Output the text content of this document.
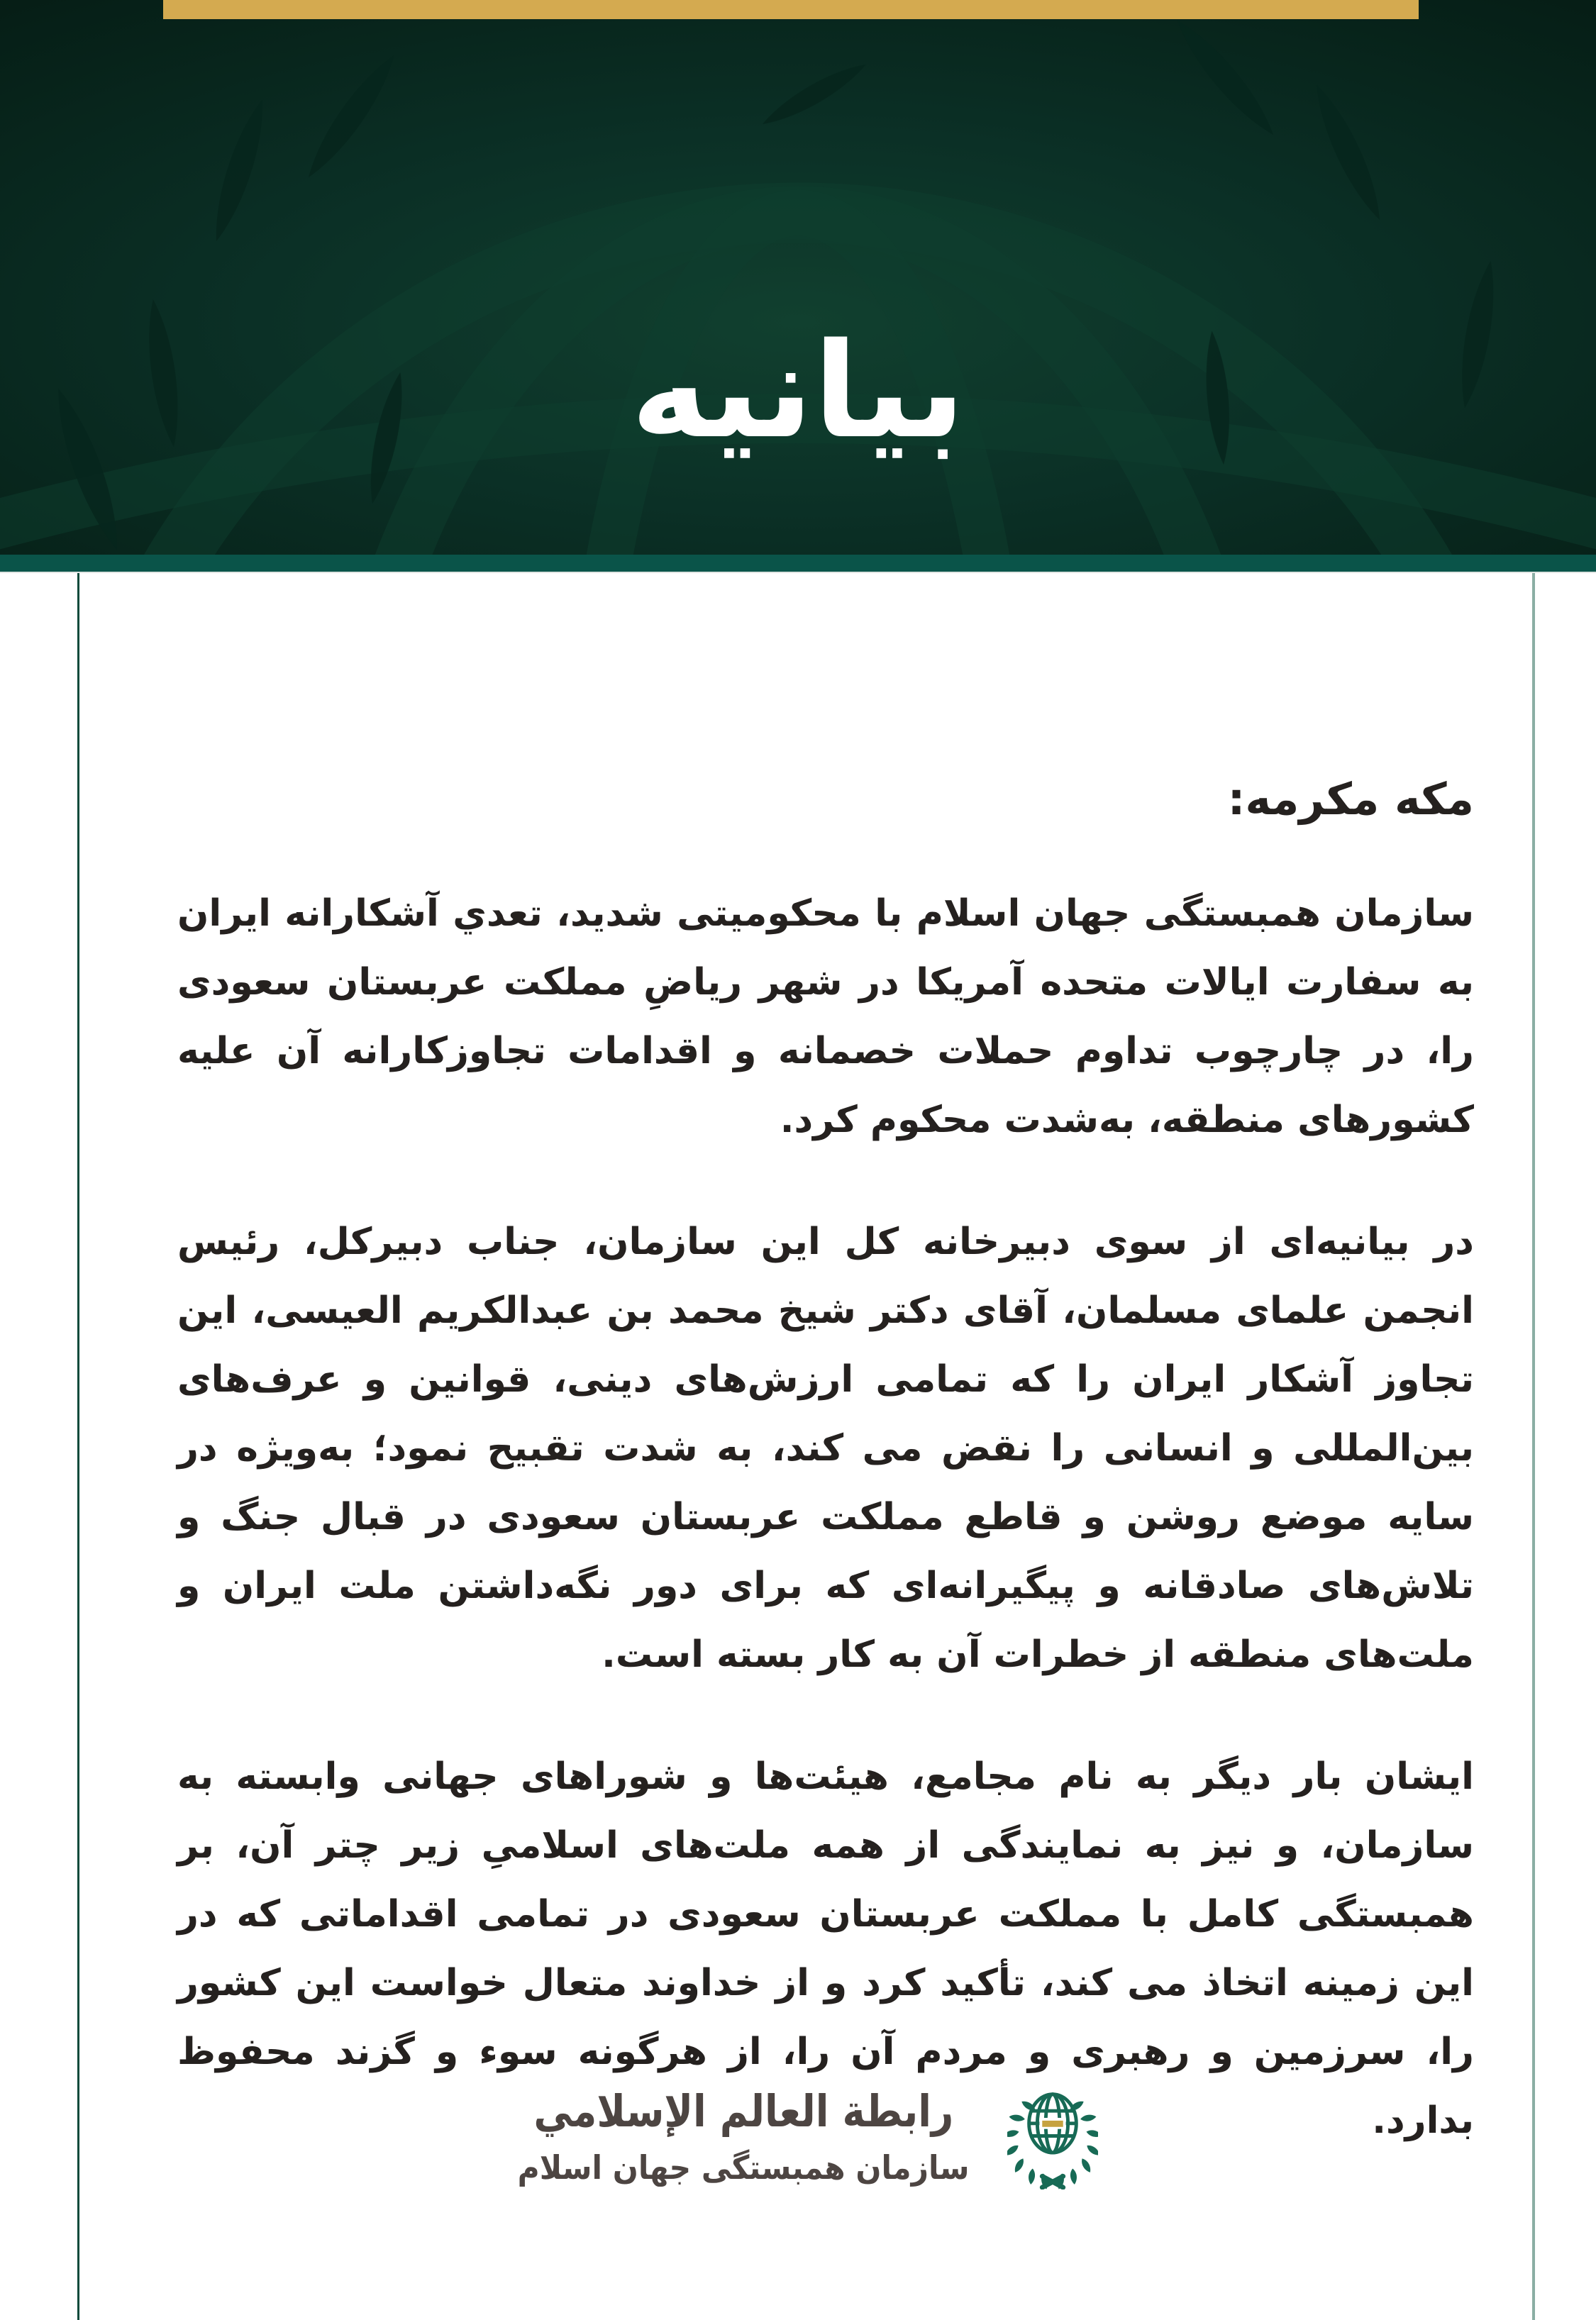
بیانیه
مکه مکرمه:

سازمان همبستگی جهان اسلام با محکومیتی شدید، تعدي آشکارانه ایران به سفارت ایالات متحده آمریکا در شهر ریاضِ مملکت عربستان سعودی را، در چارچوب تداوم حملات خصمانه و اقدامات تجاوزکارانه آن علیه کشورهای منطقه، به‌شدت محکوم کرد.

در بیانیه‌ای از سوی دبیرخانه کل این سازمان، جناب دبیرکل، رئیس انجمن علمای مسلمان، آقای دکتر شیخ محمد بن عبدالکریم العیسی، این تجاوز آشکار ایران را که تمامی ارزش‌های دینی، قوانین و عرف‌های بین‌المللی و انسانی را نقض می کند، به شدت تقبیح نمود؛ به‌ویژه در سایه موضع روشن و قاطع مملکت عربستان سعودی در قبال جنگ و تلاش‌های صادقانه و پیگیرانه‌ای که برای دور نگه‌داشتن ملت ایران و ملت‌های منطقه از خطرات آن به کار بسته است.

ایشان بار دیگر به نام مجامع، هیئت‌ها و شوراهای جهانی وابسته به سازمان، و نیز به نمایندگی از همه ملت‌های اسلامیِ زیر چتر آن، بر همبستگی کامل با مملکت عربستان سعودی در تمامی اقداماتی که در این زمینه اتخاذ می کند، تأکید کرد و از خداوند متعال خواست این کشور را، سرزمین و رهبری و مردم آن را، از هرگونه سوء و گزند محفوظ بدارد.

رابطة العالم الإسلامي
سازمان همبستگی جهان اسلام
